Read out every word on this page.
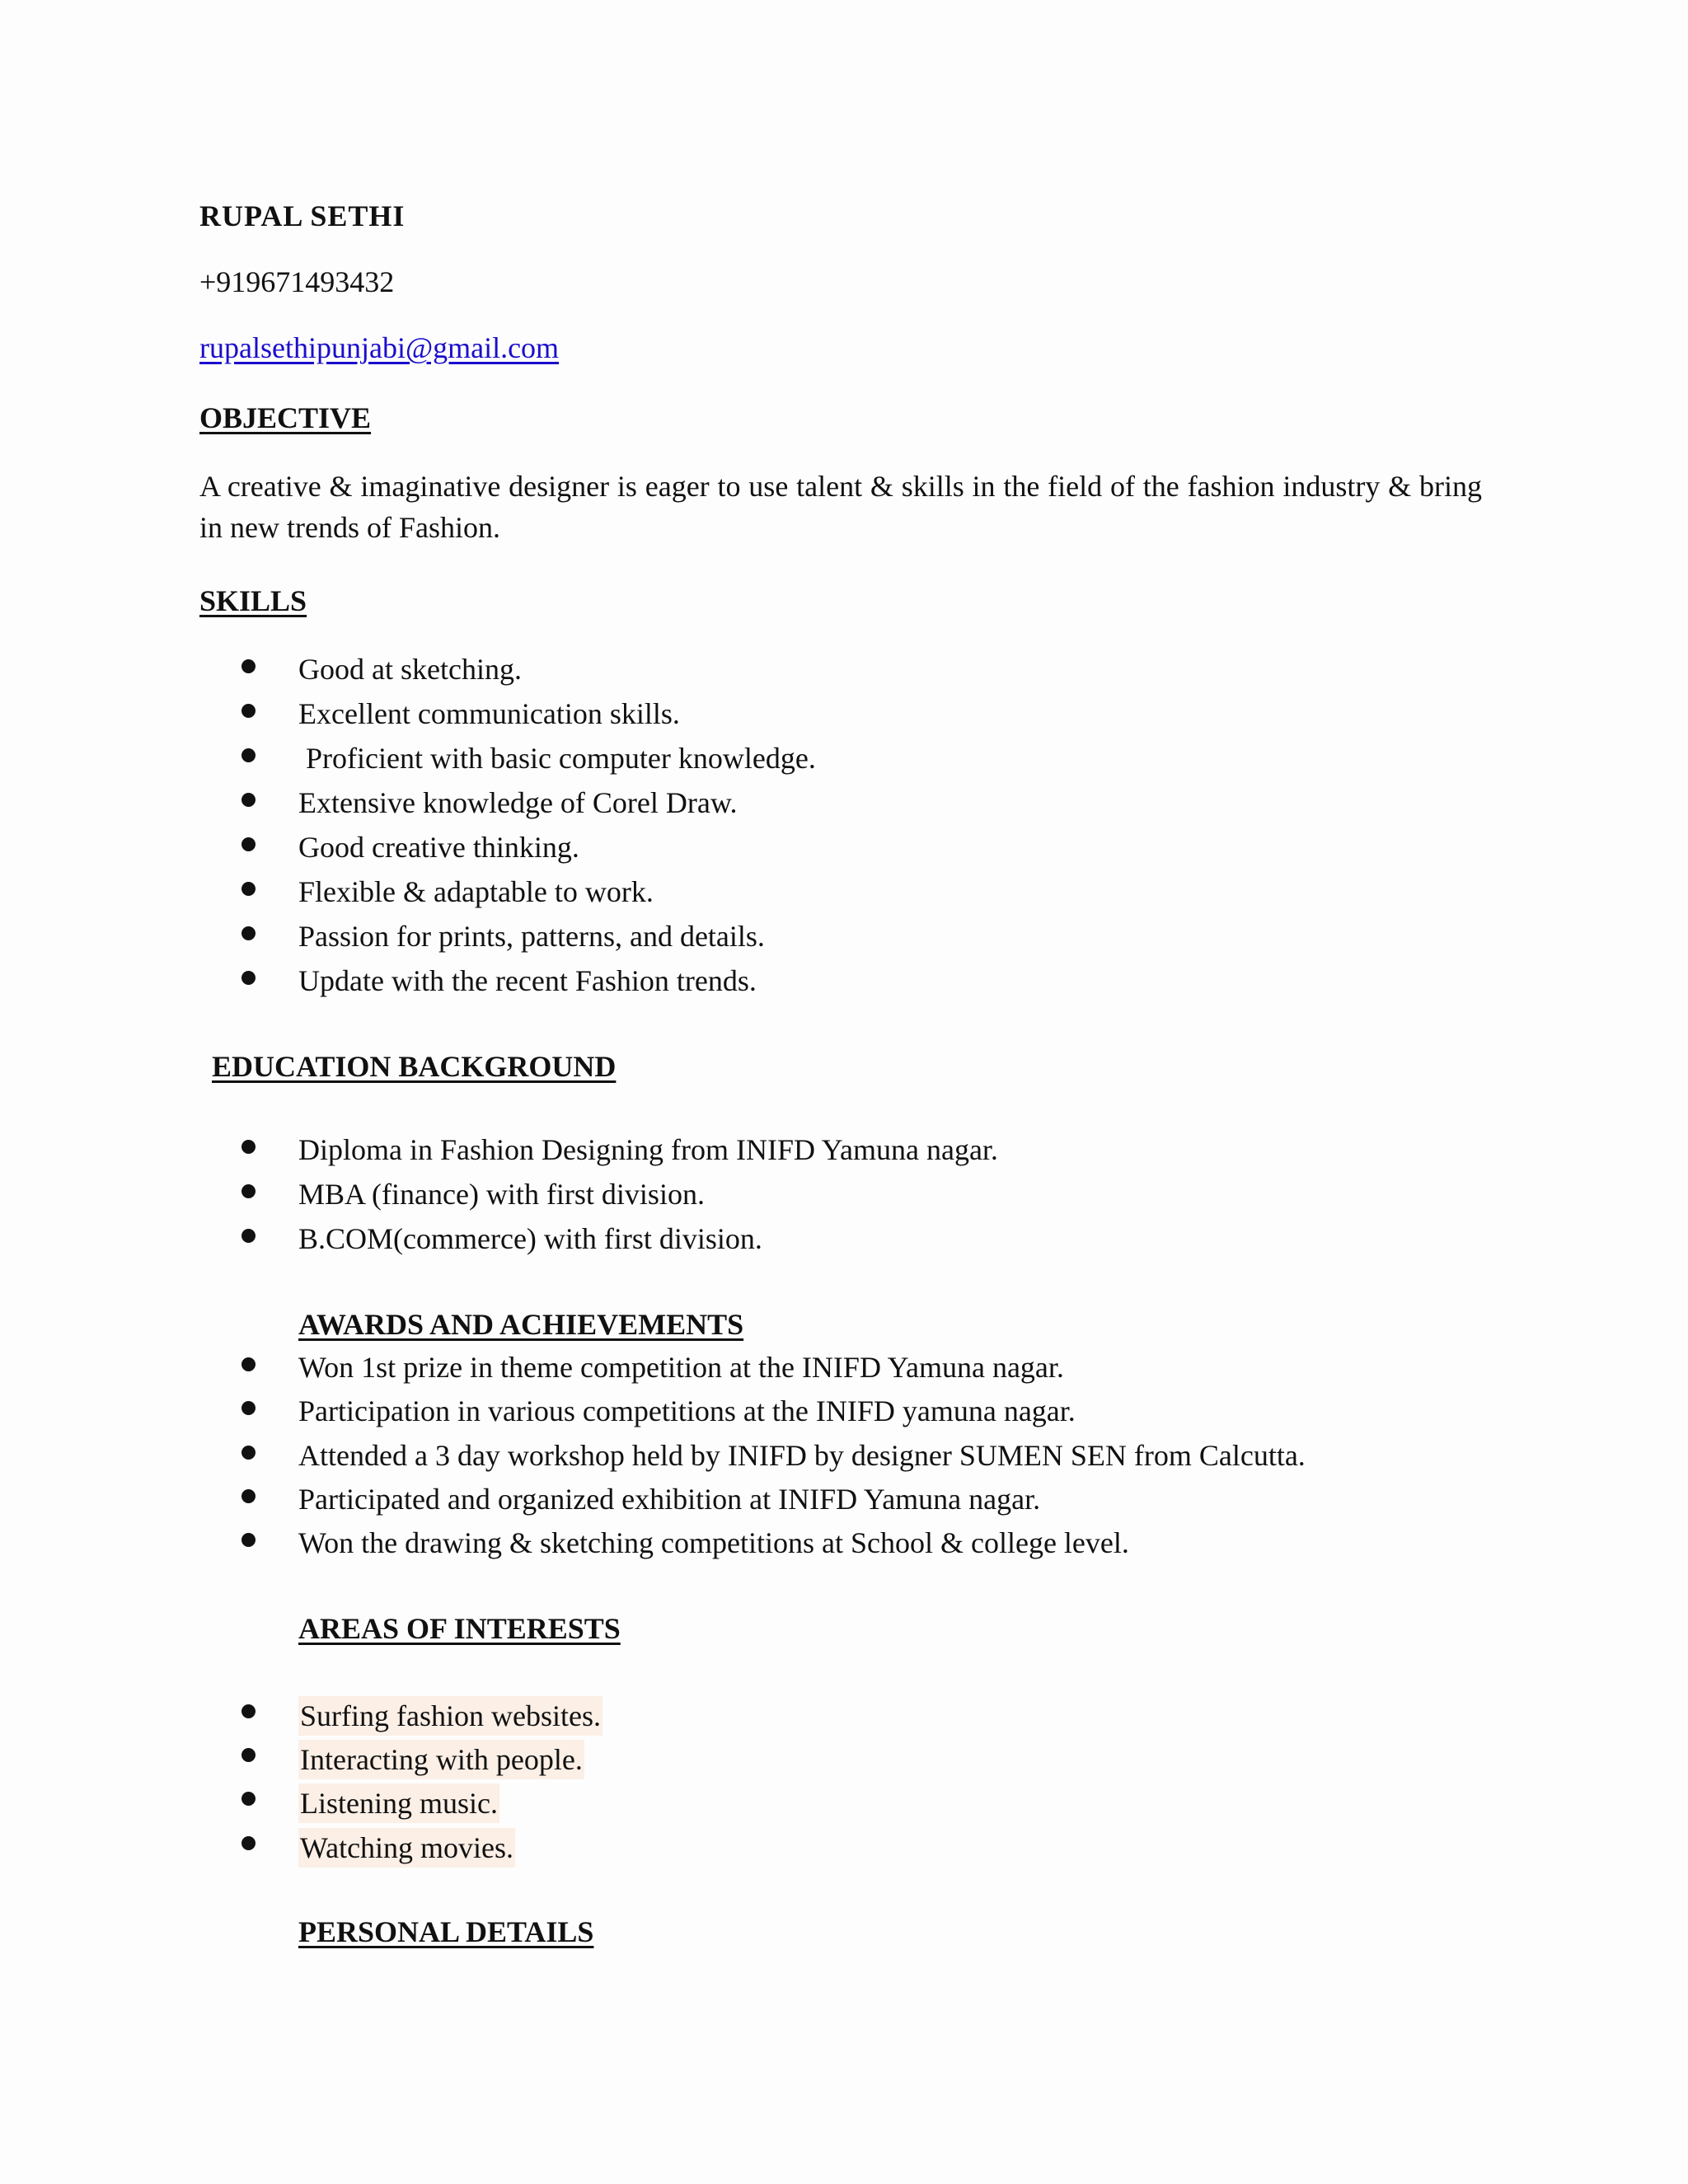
RUPAL SETHI
+919671493432
rupalsethipunjabi@gmail.com
OBJECTIVE
A creative & imaginative designer is eager to use talent & skills in the field of the fashion industry & bring in new trends of Fashion.
SKILLS
Good at sketching.
Excellent communication skills.
Proficient with basic computer knowledge.
Extensive knowledge of Corel Draw.
Good creative thinking.
Flexible & adaptable to work.
Passion for prints, patterns, and details.
Update with the recent Fashion trends.
EDUCATION BACKGROUND
Diploma in Fashion Designing from INIFD Yamuna nagar.
MBA (finance) with first division.
B.COM(commerce) with first division.
AWARDS AND ACHIEVEMENTS
Won 1st prize in theme competition at the INIFD Yamuna nagar.
Participation in various competitions at the INIFD yamuna nagar.
Attended a 3 day workshop held by INIFD by designer SUMEN SEN from Calcutta.
Participated and organized exhibition at INIFD Yamuna nagar.
Won the drawing & sketching competitions at School & college level.
AREAS OF INTERESTS
Surfing fashion websites.
Interacting with people.
Listening music.
Watching movies.
PERSONAL DETAILS
